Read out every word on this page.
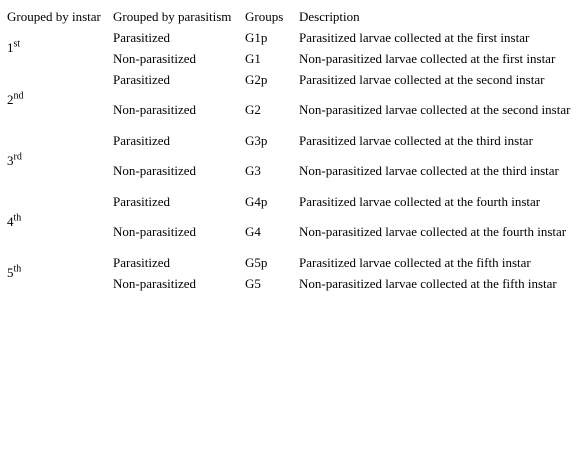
Grouped by instar	Grouped by parasitism	Groups	Description
1st	Parasitized	G1p	Parasitized larvae collected at the first instar
	Non-parasitized	G1	Non-parasitized larvae collected at the first instar
2nd	Parasitized	G2p	Parasitized larvae collected at the second instar
	Non-parasitized	G2	Non-parasitized larvae collected at the second instar
3rd	Parasitized	G3p	Parasitized larvae collected at the third instar
	Non-parasitized	G3	Non-parasitized larvae collected at the third instar
4th	Parasitized	G4p	Parasitized larvae collected at the fourth instar
	Non-parasitized	G4	Non-parasitized larvae collected at the fourth instar
5th	Parasitized	G5p	Parasitized larvae collected at the fifth instar
	Non-parasitized	G5	Non-parasitized larvae collected at the fifth instar
